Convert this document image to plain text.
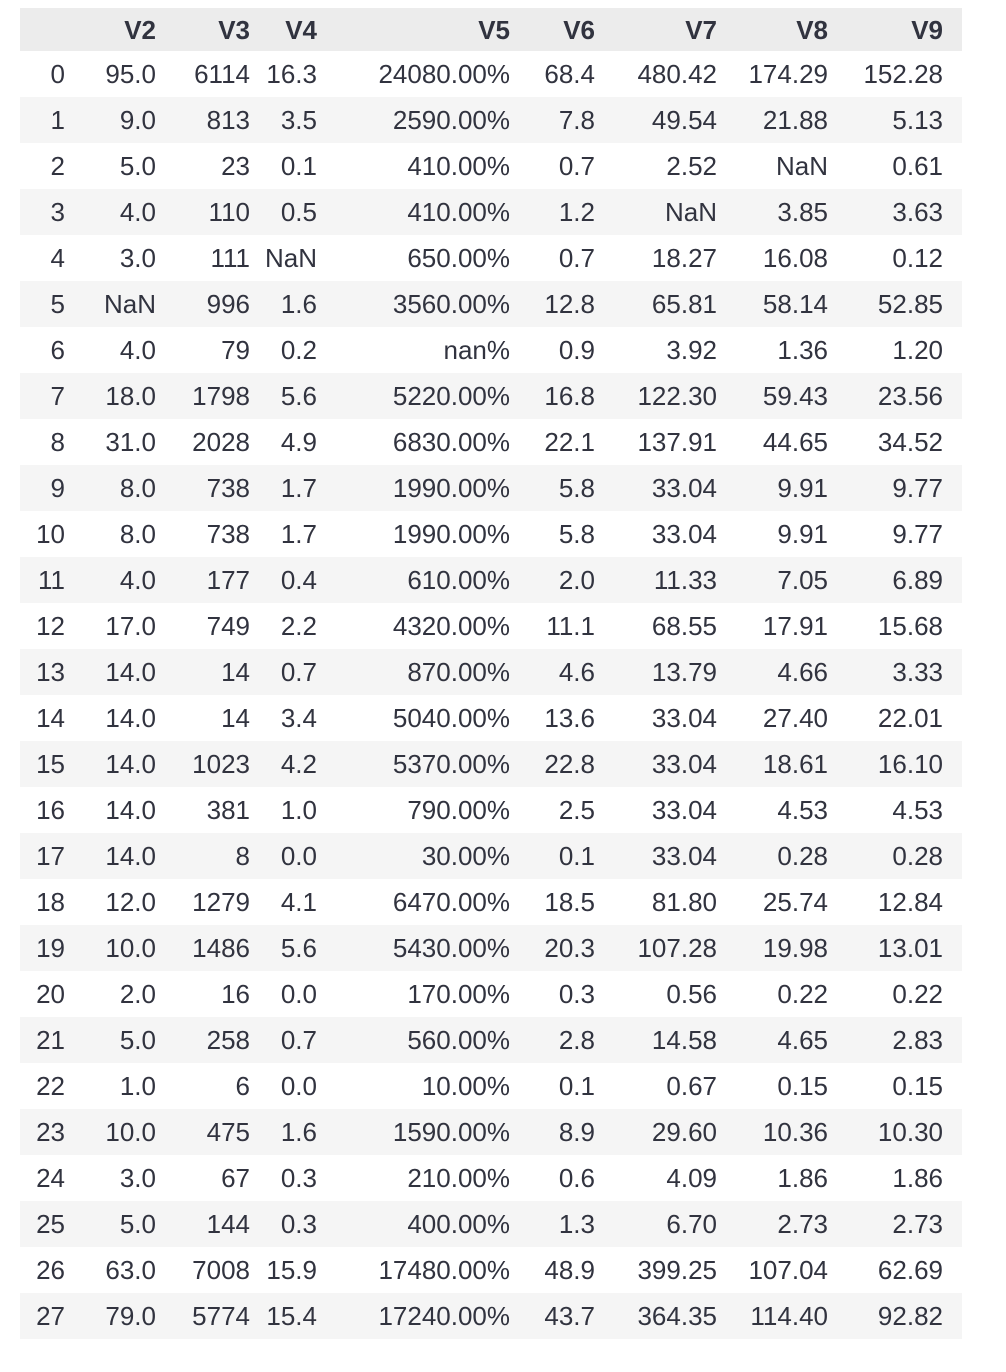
	V2	V3	V4	V5	V6	V7	V8	V9
0	95.0	6114	16.3	24080.00%	68.4	480.42	174.29	152.28
1	9.0	813	3.5	2590.00%	7.8	49.54	21.88	5.13
2	5.0	23	0.1	410.00%	0.7	2.52	NaN	0.61
3	4.0	110	0.5	410.00%	1.2	NaN	3.85	3.63
4	3.0	111	NaN	650.00%	0.7	18.27	16.08	0.12
5	NaN	996	1.6	3560.00%	12.8	65.81	58.14	52.85
6	4.0	79	0.2	nan%	0.9	3.92	1.36	1.20
7	18.0	1798	5.6	5220.00%	16.8	122.30	59.43	23.56
8	31.0	2028	4.9	6830.00%	22.1	137.91	44.65	34.52
9	8.0	738	1.7	1990.00%	5.8	33.04	9.91	9.77
10	8.0	738	1.7	1990.00%	5.8	33.04	9.91	9.77
11	4.0	177	0.4	610.00%	2.0	11.33	7.05	6.89
12	17.0	749	2.2	4320.00%	11.1	68.55	17.91	15.68
13	14.0	14	0.7	870.00%	4.6	13.79	4.66	3.33
14	14.0	14	3.4	5040.00%	13.6	33.04	27.40	22.01
15	14.0	1023	4.2	5370.00%	22.8	33.04	18.61	16.10
16	14.0	381	1.0	790.00%	2.5	33.04	4.53	4.53
17	14.0	8	0.0	30.00%	0.1	33.04	0.28	0.28
18	12.0	1279	4.1	6470.00%	18.5	81.80	25.74	12.84
19	10.0	1486	5.6	5430.00%	20.3	107.28	19.98	13.01
20	2.0	16	0.0	170.00%	0.3	0.56	0.22	0.22
21	5.0	258	0.7	560.00%	2.8	14.58	4.65	2.83
22	1.0	6	0.0	10.00%	0.1	0.67	0.15	0.15
23	10.0	475	1.6	1590.00%	8.9	29.60	10.36	10.30
24	3.0	67	0.3	210.00%	0.6	4.09	1.86	1.86
25	5.0	144	0.3	400.00%	1.3	6.70	2.73	2.73
26	63.0	7008	15.9	17480.00%	48.9	399.25	107.04	62.69
27	79.0	5774	15.4	17240.00%	43.7	364.35	114.40	92.82
